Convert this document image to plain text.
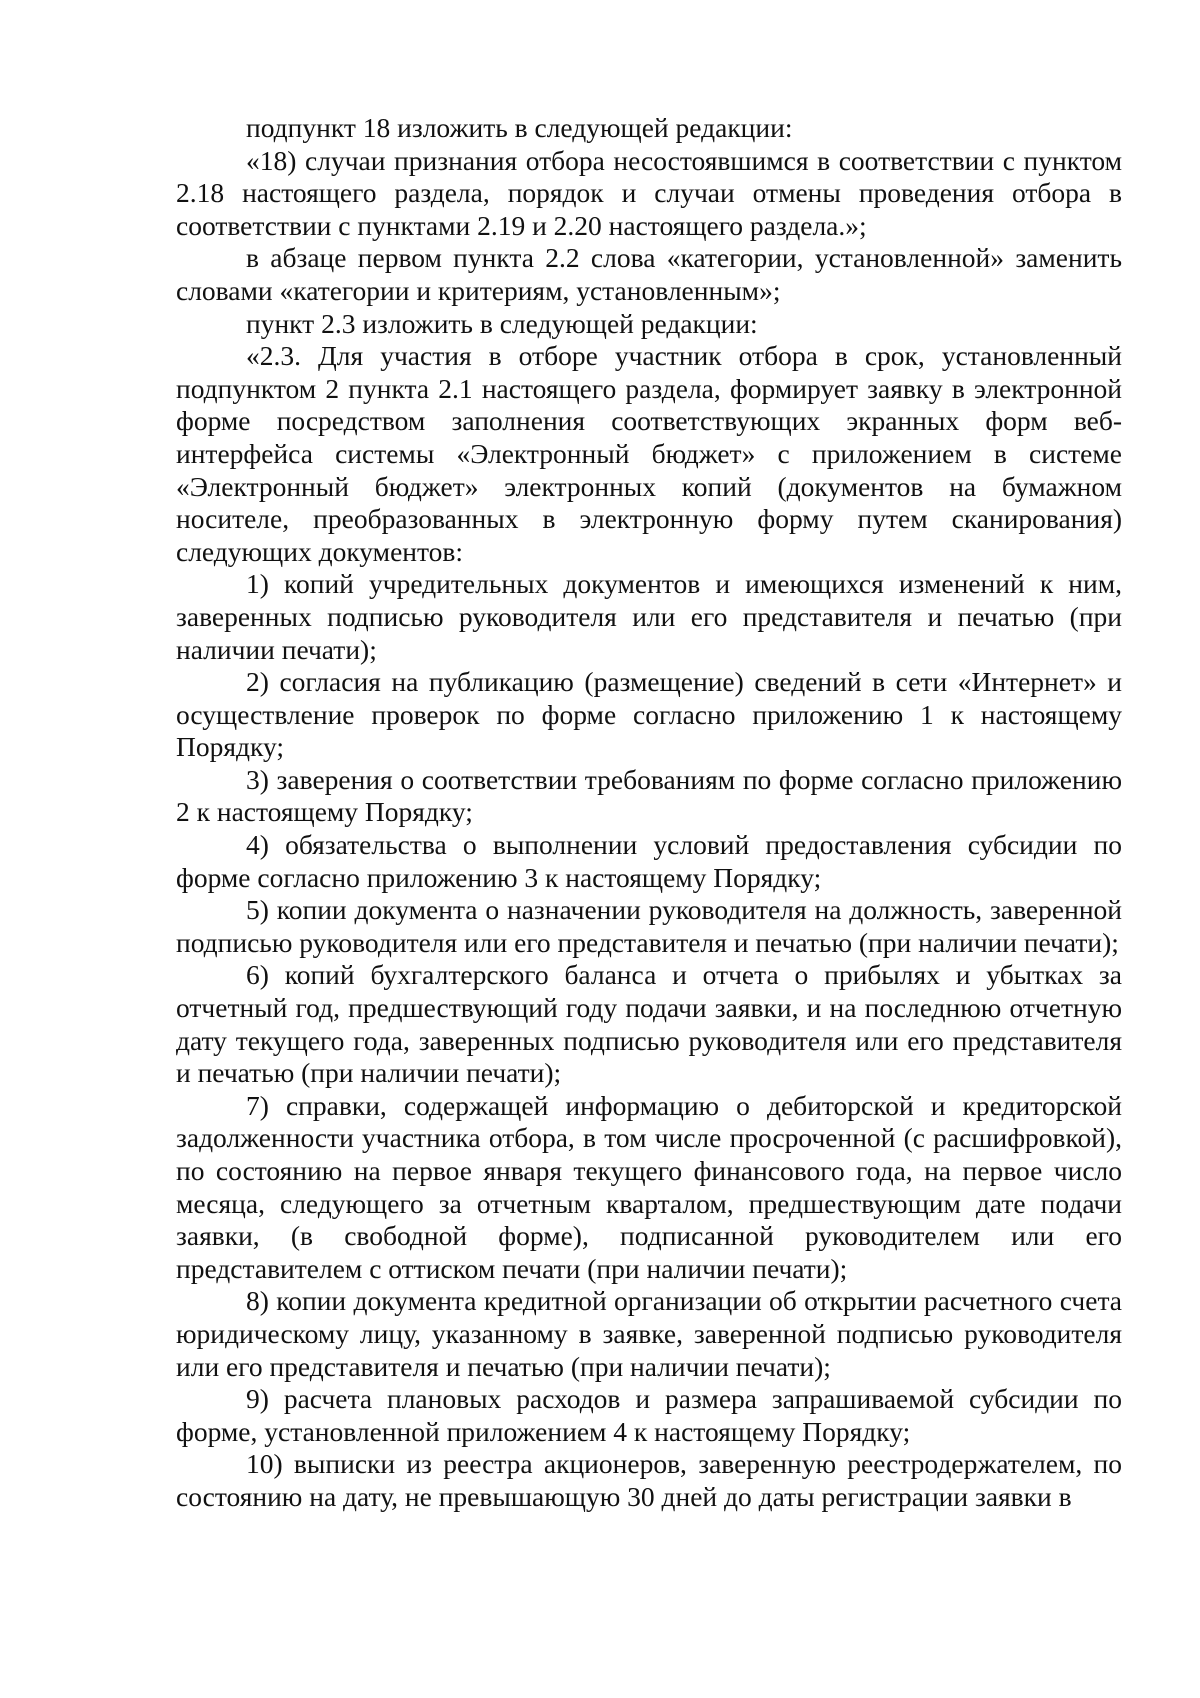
подпункт 18 изложить в следующей редакции:

«18) случаи признания отбора несостоявшимся в соответствии с пунктом 2.18 настоящего раздела, порядок и случаи отмены проведения отбора в соответствии с пунктами 2.19 и 2.20 настоящего раздела.»;

в абзаце первом пункта 2.2 слова «категории, установленной» заменить словами «категории и критериям, установленным»;

пункт 2.3 изложить в следующей редакции:

«2.3. Для участия в отборе участник отбора в срок, установленный подпунктом 2 пункта 2.1 настоящего раздела, формирует заявку в электронной форме посредством заполнения соответствующих экранных форм веб-интерфейса системы «Электронный бюджет» с приложением в системе «Электронный бюджет» электронных копий (документов на бумажном носителе, преобразованных в электронную форму путем сканирования) следующих документов:

1) копий учредительных документов и имеющихся изменений к ним, заверенных подписью руководителя или его представителя и печатью (при наличии печати);

2) согласия на публикацию (размещение) сведений в сети «Интернет» и осуществление проверок по форме согласно приложению 1 к настоящему Порядку;

3) заверения о соответствии требованиям по форме согласно приложению 2 к настоящему Порядку;

4) обязательства о выполнении условий предоставления субсидии по форме согласно приложению 3 к настоящему Порядку;

5) копии документа о назначении руководителя на должность, заверенной подписью руководителя или его представителя и печатью (при наличии печати);

6) копий бухгалтерского баланса и отчета о прибылях и убытках за отчетный год, предшествующий году подачи заявки, и на последнюю отчетную дату текущего года, заверенных подписью руководителя или его представителя и печатью (при наличии печати);

7) справки, содержащей информацию о дебиторской и кредиторской задолженности участника отбора, в том числе просроченной (с расшифровкой), по состоянию на первое января текущего финансового года, на первое число месяца, следующего за отчетным кварталом, предшествующим дате подачи заявки, (в свободной форме), подписанной руководителем или его представителем с оттиском печати (при наличии печати);

8) копии документа кредитной организации об открытии расчетного счета юридическому лицу, указанному в заявке, заверенной подписью руководителя или его представителя и печатью (при наличии печати);

9) расчета плановых расходов и размера запрашиваемой субсидии по форме, установленной приложением 4 к настоящему Порядку;

10) выписки из реестра акционеров, заверенную реестродержателем, по состоянию на дату, не превышающую 30 дней до даты регистрации заявки в
